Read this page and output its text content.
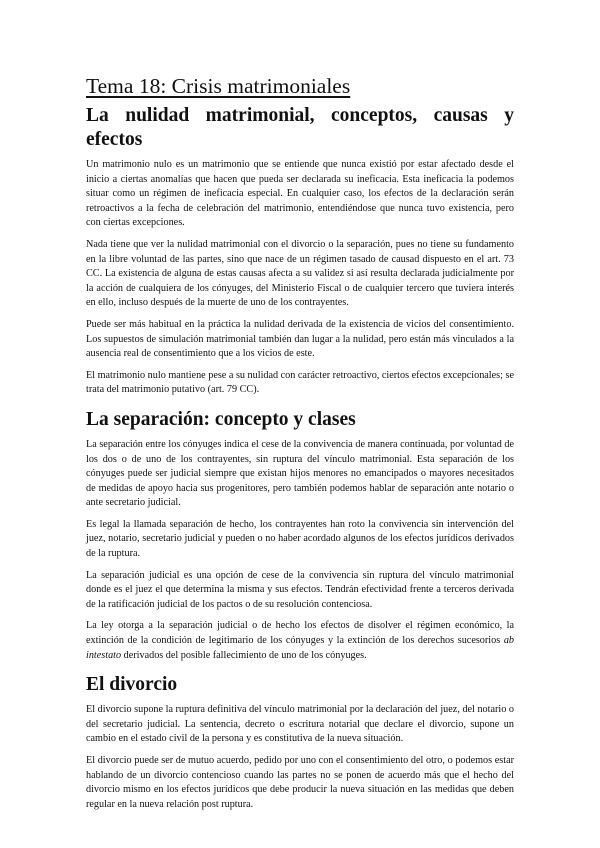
Tema 18: Crisis matrimoniales
La nulidad matrimonial, conceptos, causas y efectos

Un matrimonio nulo es un matrimonio que se entiende que nunca existió por estar afectado desde el inicio a ciertas anomalías que hacen que pueda ser declarada su ineficacia. Esta ineficacia la podemos situar como un régimen de ineficacia especial. En cualquier caso, los efectos de la declaración serán retroactivos a la fecha de celebración del matrimonio, entendiéndose que nunca tuvo existencia, pero con ciertas excepciones.

Nada tiene que ver la nulidad matrimonial con el divorcio o la separación, pues no tiene su fundamento en la libre voluntad de las partes, sino que nace de un régimen tasado de causad dispuesto en el art. 73 CC. La existencia de alguna de estas causas afecta a su validez si así resulta declarada judicialmente por la acción de cualquiera de los cónyuges, del Ministerio Fiscal o de cualquier tercero que tuviera interés en ello, incluso después de la muerte de uno de los contrayentes.

Puede ser más habitual en la práctica la nulidad derivada de la existencia de vicios del consentimiento. Los supuestos de simulación matrimonial también dan lugar a la nulidad, pero están más vinculados a la ausencia real de consentimiento que a los vicios de este.

El matrimonio nulo mantiene pese a su nulidad con carácter retroactivo, ciertos efectos excepcionales; se trata del matrimonio putativo (art. 79 CC).

La separación: concepto y clases

La separación entre los cónyuges indica el cese de la convivencia de manera continuada, por voluntad de los dos o de uno de los contrayentes, sin ruptura del vínculo matrimonial. Esta separación de los cónyuges puede ser judicial siempre que existan hijos menores no emancipados o mayores necesitados de medidas de apoyo hacia sus progenitores, pero también podemos hablar de separación ante notario o ante secretario judicial.

Es legal la llamada separación de hecho, los contrayentes han roto la convivencia sin intervención del juez, notario, secretario judicial y pueden o no haber acordado algunos de los efectos jurídicos derivados de la ruptura.

La separación judicial es una opción de cese de la convivencia sin ruptura del vínculo matrimonial donde es el juez el que determina la misma y sus efectos. Tendrán efectividad frente a terceros derivada de la ratificación judicial de los pactos o de su resolución contenciosa.

La ley otorga a la separación judicial o de hecho los efectos de disolver el régimen económico, la extinción de la condición de legitimario de los cónyuges y la extinción de los derechos sucesorios ab intestato derivados del posible fallecimiento de uno de los cónyuges.

El divorcio

El divorcio supone la ruptura definitiva del vínculo matrimonial por la declaración del juez, del notario o del secretario judicial. La sentencia, decreto o escritura notarial que declare el divorcio, supone un cambio en el estado civil de la persona y es constitutiva de la nueva situación.

El divorcio puede ser de mutuo acuerdo, pedido por uno con el consentimiento del otro, o podemos estar hablando de un divorcio contencioso cuando las partes no se ponen de acuerdo más que el hecho del divorcio mismo en los efectos jurídicos que debe producir la nueva situación en las medidas que deben regular en la nueva relación post ruptura.
